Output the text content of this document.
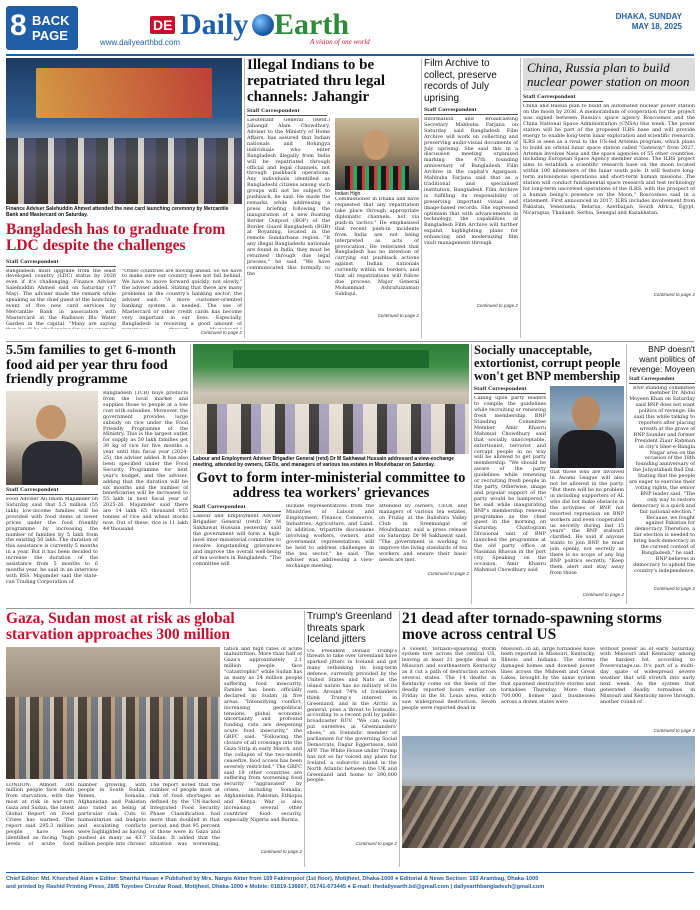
8 BACK
PAGE
DE Daily Earth
A vision of one world
www.dailyearthbd.com
DHAKA, SUNDAY
MAY 18, 2025
Finance Adviser Salehuddin Ahmed attended the new card launching ceremony by Mercantile Bank and Mastercard on Saturday.
Bangladesh has to graduate from LDC despite the challenges
Staff Correspondent
Bangladesh must upgrade from the least developed country (LDC) status by 2026 even if it's challenging, Finance Adviser Salehuddin Ahmed said on Saturday (17 May). The adviser made the remark while speaking as the chief guest at the launching event of five new card services by Mercantile Bank in association with Mastercard at the Radisson Blu Water Garden in the capital. "Many are saying
"Other countries are moving ahead. So we have to make sure our country does not fall behind. We have to move forward quickly, not slowly," the adviser added. Stating that there are many problems in the country's banking sector, the adviser said, "A more customer-oriented banking system is needed. The use of Mastercard or other credit cards has become very important in our lives. Especially, Bangladesh is receiving a good amount of
Continued to page 2
Illegal Indians to be repatriated thru legal channels: Jahangir
Staff Correspondent
Lieutenant General (Retd.) Jahangir Alam Chowdhury, Adviser to the Ministry of Home Affairs, has assured that Indian nationals and Rohingya individuals who enter Bangladesh illegally from India will be repatriated through official and legal channels, not through pushback operations. Any individuals identified as Bangladeshi citizens among such groups will not be subject to pushback, he said. He made the remarks while addressing a press briefing following the inauguration of a new floating Border Outpost (BOP) of the Border Guard Bangladesh (BGB) at Boyaning, located in the remote Sundarbans region. "If any illegal Bangladeshi nationals are found in India, they must be returned through due legal process," he said. "We have communicated this formally to the
Indian High
Commissioner in Dhaka and have requested that any repatriation take place through appropriate diplomatic channels, not via push-in tactics." He emphasised that recent push-in incidents from India are not being interpreted as acts of provocation. He reiterated that Bangladesh has no intention of carrying out pushback actions against Indian nationals currently within its borders, and that all repatriations will follow due process. Major General Mohammad Ashrafuzzaman Siddiqui,
Continued to page 2
Film Archive to collect, preserve records of July uprising
Staff Correspondent
Information and Broadcasting Secretary Mahbuba Farjana on Saturday said Bangladesh Film Archive will work on collecting and preserving audio-visual documents of July uprising. She said this in a discussion meeting organised marking the 47th founding anniversary of Bangladesh Film Archive in the capital's Agargaon. Mahbuba Farjana said that as a traditional and specialised institution, Bangladesh Film Archive is fulfilling its responsibility of preserving important visual and image-based records. She expressed optimism that with advancements in technology, the capabilities of Bangladesh Film Archive will further expand, highlighting plans for enhancing and modernizing film vault management through
Continued to page 2
China, Russia plan to build nuclear power station on moon
Staff Correspondent
China and Russia plan to build an automated nuclear power station on the moon by 2036. A memorandum of cooperation for the project was signed between Russia's space agency Roscosmos and the China National Space Administration (CNSA) this week. The power station will be part of the proposed ILRS base and will provide energy to enable long-term lunar exploration and scientific research. ILRS is seen as a rival to the US-led Artemis program, which plans to build an orbital lunar space station called "Gateway" from 2027. Artemis involves Nasa and the space agencies of 55 other countries, including European Space Agency member states. The ILRS project aims to establish a scientific research base on the moon located within 100 kilometers of the lunar south pole. It will feature long-term autonomous operations and short-term human missions. The station will conduct fundamental space research and test technology for long-term uncrewed operations of the ILRS, with the prospect of a human being's presence on the Moon," Roscosmos said in a statement. First announced in 2017, ILRS includes involvement from Pakistan, Venezuela, Belarus, Azerbaijan, South Africa, Egypt, Nicaragua, Thailand, Serbia, Senegal and Kazakhstan.
Continued to page 2
5.5m families to get 6-month food aid per year thru food friendly programme
Staff Correspondent
Food Adviser Ali Imam Majumder on Saturday said that 5.5 million (55 lakh) low-income families will be provided with food items at lower prices under the food friendly programme by increasing the number of families by 5 lakh from the existing 50 lakh. The duration of this assistance is currently 5 months in a year. But it has been decided to increase the duration of the assistance from 5 months to 6 months year, he said in an interview with BSS. Majumder said the state-run Trading Corporation of
Bangladesh (TCB) buys products from the local market and supplies those to people at a low cost with subsidies. Moreover, the government provides large subsidy on rice under the Food Friendly Programme of the Ministry. This is the largest outlet for supply as 50 lakh families get 30 kg of rice for five months a year until this fiscal year (2024-25), the adviser added. It has also been specified under the Food Security Programme for next year's budget, and the adviser, adding that the duration will be six months and the number of beneficiaries will be increased to 55 lakh in next fiscal year of 2025-26. Majumder said there are 14 lakh 65 thousand 955 tonnes of rice and wheat stocks now. Out of these, rice is 11 lakh 44 thousand
Labour and Employment Adviser Brigadier General (retd) Dr M Sakhawat Hussain addressed a view-exchange meeting, attended by owners, CEOs, and managers of various tea estates in Moulvibazar on Saturday.
Govt to form inter-ministerial committee to address tea workers' grievances
Staff Correspondent
Labour and Employment Adviser Brigadier General (retd) Dr M Sakhawat Hussain yesterday said the government will form a high-level inter-ministerial committee to resolve longstanding grievances and improve the overall well-being of tea workers in Bangladesh. "The committee will
include representatives from the Ministries of Labour and Employment, Finance, Commerce, Industries, Agriculture, and Land. In addition, tripartite discussions involving workers, owners, and government representatives will be held to address challenges in the tea sector," he said. The adviser was addressing a view-exchange meeting,
attended by owners, CEOs, and managers of various tea estates, on Friday at the Balishira Valley Club in Sreemangal of Moulvibazar, said a press release on Saturday. Dr M Sakhawat said, "The government is working to improve the living standards of tea workers and ensure their basic needs are met.
Continued to page 2
Socially unacceptable, extortionist, corrupt people won't get BNP membership
Staff Correspondent
Calling upon party leaders to compile the guidelines while recruiting or renewing fresh membership, BNP Standing Committee Member Amir Khasru Mahmud Chowdhury said that socially unacceptable, extortionist, terrorist and corrupt people in no way will be allowed to get party membership. "We should be aware of the party guidelines while renewing or recruiting fresh people in the party. Otherwise, image and popular support of the party would be hampered," he said while inaugurating BNP's membership renewal programme as the chief guest in the morning on Saturday. Chattogram Divisional unit of BNP launched the programme at the old party office at Nasiman Bhavan in the port city. Speaking on the occasion, Amir Khasru Mahmud Chowdhury said
that those who are involved in Awami League will also not be allowed in the party. "But there will be no problem in including supporters of AL who did not make obstacle in the activities of BNP, not resorted repression on BNP workers and even cooperated us secretly during last 15 years" the BNP stalwart clarified. He said if anyone wants to join BNP, he must join openly, not secretly as there is no scope of any big BNP politics secretly. "Keep them alert and stay away from those
Continued to page 2
BNP doesn't want politics of revenge: Moyeen
Staff Correspondent
BNP standing committee member Dr. Abdul Moyeen Khan on Saturday said BNP does not want politics of revenge. He said this while talking to reporters after placing wreath at the grave of BNP founder and former President Ziaur Rahman in city's Sher-e-Bangla Nagar area on the occasion of the 18th founding anniversary of the Jatiyatabadi Bad Dal. Stating that the people are eager to exercise their voting rights, the senior BNP leader said, "The only way to restore democracy is a quick and fair national election." Because, we fought against Pakistan for democracy. Therefore, a fair election is needed to bring back democracy in the current context of Bangladesh," he said. BNP believes in democracy to uphold the country's independence,
Continued to page 2
Gaza, Sudan most at risk as global starvation approaches 300 million
tation and high rates of acute malnutrition. More than half of Gaza's approximately 2.1 million people face "catastrophic" while Sudan has as many as 24 million people suffering food insecurity. Famine has been officially declared in Sudan in five areas. "Intensifying conflict, increasing geopolitical tensions, global economic uncertainty and profound funding cuts are deepening acute food insecurity," the GRFC said. "Following the closure of all crossings into the Gaza Strip in early March, and the collapse of the two-month ceasefire, food access has been severely restricted." The GRFC said 19 other countries are suffering from worsening food security "aggravated" by crises, including Somalia, Afghanistan, Pakistan, Ethiopia and Kenya. War is also increasing several other countries' food security, especially Nigeria and Burma.
LONDON: Almost 300 million people face death from starvation, with the most at risk in war-torn Gaza and Sudan, the latest Global Report on Food Crises has warned. The report said 295.3 million people have been identified as facing "high levels of acute food
number growing, with people in South Sudan, Yemen, Somalia, Afghanistan and Pakistan also rated as being at particular risk. Cuts to humanitarian aid budgets and escalating conflicts were highlighted as having pushed as many as 43.7 million people into chronic
The report noted that the number of people most at risk of food shortages as defined by the UN-backed Integrated Food Security Phase Classification had more than doubled in that period, and that 95 percent of those were in Gaza and Sudan. It added that the situation was worsening,
Continued to page 2
Trump's Greenland threats spark Iceland jitters
US President Donald Trump's threats to take over Greenland have sparked jitters in Iceland and got many rethinking its long-term defence, currently provided by the United States and Nato as the island nation has no military of its own. Around 74% of Icelanders think Trump's interest in Greenland, and in the Arctic in general, pose a threat to Icelandic, according to a recent poll by public broadcaster RUV. "We can easily put ourselves in Greenlanders' shoes," an Icelandic member of parliament for the governing Social Democrats, Dagur Eggertsson, told AFP. The White House under Trump has not so far voiced any plans for Iceland, a subarctic island in the North Atlantic between the UK and Greenland and home to 390,000 people.
Continued to page 2
21 dead after tornado-spawning storms move across central US
A violent, tornado-spawning storm system tore across the central US, leaving at least 21 people dead in Missouri and southeastern Kentucky as it cut a path of destruction across several states. The 14 deaths in Kentucky come on the heels of the deadly reported hours earlier on Friday in the St. Louis area, which saw widespread destruction. Seven people were reported dead in
Missouri. In all, large tornadoes have been reported in Missouri, Kentucky, Illinois and Indiana. The storms damaged homes and downed power lines across the Midwest and Great Lakes, brought by the same system that spawned destructive storms and tornadoes Thursday. More than 700,000 homes and businesses across a dozen states were
without power as of early Saturday, with Missouri and Kentucky among the hardest hit, according to Poweroutage.us. It's part of a multi-day spate of widespread severe weather that will stretch into early next week. As the system that generated deadly tornadoes in Missouri and Kentucky move through, another round of
Continued to page 2
Chief Editor: Md. Khorshed Alam ● Editor: Shariful Hasan ● Published by Mrs. Nargis Akter from 169 Fakirerpool (1st floor), Motijheel, Dhaka-1000 ● Editorial & News Section: 183 Arambag, Dhaka-1000
and printed by Rashid Printing Press, 28/B Toynbee Circular Road, Motijheel, Dhaka-1000 ● Mobile: 01819-136607, 01741-673445 ● E-mail: thedailyearth.bd@gmail.com | dailyearthbangladesh@gmail.com
